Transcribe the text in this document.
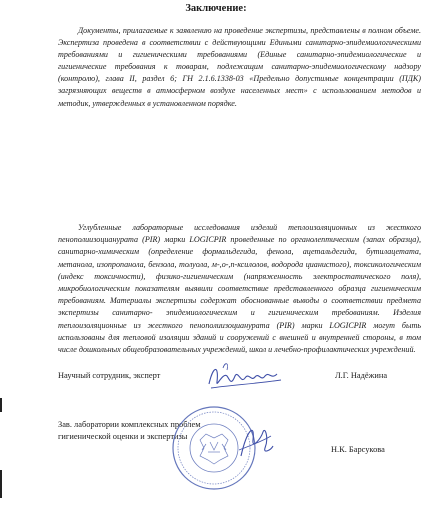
Заключение:

Документы, прилагаемые к заявлению на проведение экспертизы, представлены в полном объеме. Экспертиза проведена в соответствии с действующими Едиными санитарно-эпидемиологическими требованиями и гигиеническими требованиями (Единые санитарно-эпидемиологические и гигиенические требования к товарам, подлежащим санитарно-эпидемиологическому надзору (контролю), глава II, раздел 6; ГН 2.1.6.1338-03 «Предельно допустимые концентрации (ПДК) загрязняющих веществ в атмосферном воздухе населенных мест» с использованием методов и методик, утвержденных в установленном порядке.

Углубленные лабораторные исследования изделий теплоизоляционных из жесткого пенополиизоцианурата (PIR) марки LOGICPIR проведенные по органолептическим (запах образца), санитарно-химическим (определение формальдегида, фенола, ацетальдегида, бутилацетата, метанола, изопропанола, бензола, толуола, м-,о-,п-ксилолов, водорода цианистого), токсикологическим (индекс токсичности), физико-гигиеническим (напряженность электростатического поля), микробиологическим показателям выявили соответствие представленного образца гигиеническим требованиям. Материалы экспертизы содержат обоснованные выводы о соответствии предмета экспертизы санитарно- эпидемиологическим и гигиеническим требованиям. Изделия теплоизоляционные из жесткого пенополиизоцианурата (PIR) марки LOGICPIR могут быть использованы для тепловой изоляции зданий и сооружений с внешней и внутренней стороны, в том числе дошкольных общеобразовательных учреждений, школ и лечебно-профилактических учреждений.

Научный сотрудник, эксперт	Л.Г. Надёжина
Зав. лаборатории комплексных проблем гигиенической оценки и экспертизы
Н.К. Барсукова
